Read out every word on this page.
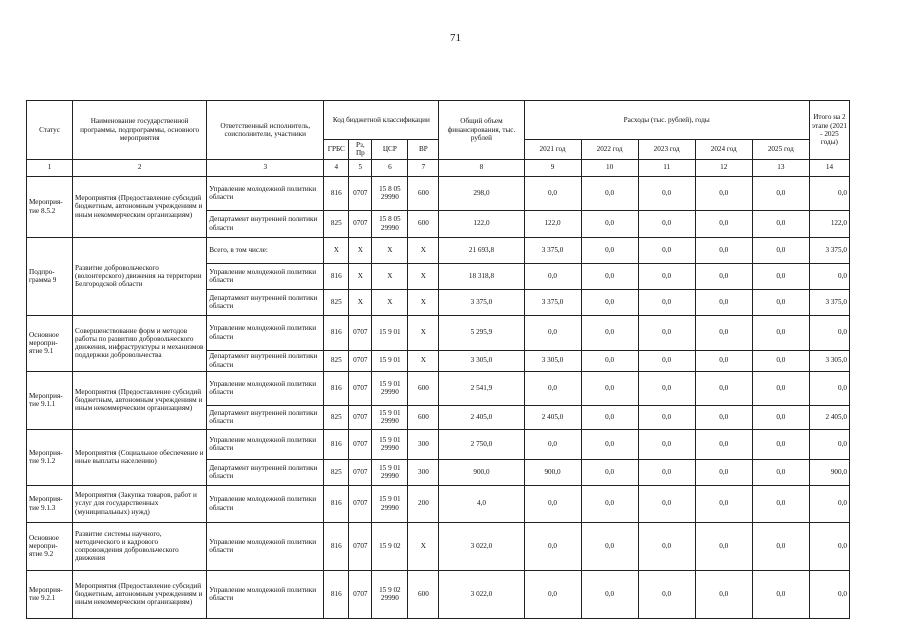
71
Статус	Наименование государственной программы, подпрограммы, основного мероприятия	Ответственный исполнитель, соисполнители, участники	Код бюджетной классификации				Общий объем финансирования, тыс. рублей	Расходы (тыс. рублей), годы					Итого на 2 этапе (2021 - 2025 годы)
			ГРБС	Рз, Пр	ЦСР	ВР		2021 год	2022 год	2023 год	2024 год	2025 год	
1	2	3	4	5	6	7	8	9	10	11	12	13	14
Мероприя-тие 8.5.2	Мероприятия (Предоставление субсидий бюджетным, автономным учреждениям и иным некоммерческим организациям)	Управление молодежной политики области	816	0707	15 8 05 29990	600	298,0	0,0	0,0	0,0	0,0	0,0	0,0
		Департамент внутренней политики области	825	0707	15 8 05 29990	600	122,0	122,0	0,0	0,0	0,0	0,0	122,0
Подпро-грамма 9	Развитие добровольческого (волонтерского) движения на территории Белгородской области	Всего, в том числе:	X	X	X	X	21 693,8	3 375,0	0,0	0,0	0,0	0,0	3 375,0
		Управление молодежной политики области	816	X	X	X	18 318,8	0,0	0,0	0,0	0,0	0,0	0,0
		Департамент внутренней политики области	825	X	X	X	3 375,0	3 375,0	0,0	0,0	0,0	0,0	3 375,0
Основное меропри-ятие 9.1	Совершенствование форм и методов работы по развитию добровольческого движения, инфраструктуры и механизмов поддержки добровольчества	Управление молодежной политики области	816	0707	15 9 01	X	5 295,9	0,0	0,0	0,0	0,0	0,0	0,0
		Департамент внутренней политики области	825	0707	15 9 01	X	3 305,0	3 305,0	0,0	0,0	0,0	0,0	3 305,0
Мероприя-тие 9.1.1	Мероприятия (Предоставление субсидий бюджетным, автономным учреждениям и иным некоммерческим организациям)	Управление молодежной политики области	816	0707	15 9 01 29990	600	2 541,9	0,0	0,0	0,0	0,0	0,0	0,0
		Департамент внутренней политики области	825	0707	15 9 01 29990	600	2 405,0	2 405,0	0,0	0,0	0,0	0,0	2 405,0
Мероприя-тие 9.1.2	Мероприятия (Социальное обеспечение и иные выплаты населению)	Управление молодежной политики области	816	0707	15 9 01 29990	300	2 750,0	0,0	0,0	0,0	0,0	0,0	0,0
		Департамент внутренней политики области	825	0707	15 9 01 29990	300	900,0	900,0	0,0	0,0	0,0	0,0	900,0
Мероприя-тие 9.1.3	Мероприятия (Закупка товаров, работ и услуг для государственных (муниципальных) нужд)	Управление молодежной политики области	816	0707	15 9 01 29990	200	4,0	0,0	0,0	0,0	0,0	0,0	0,0
Основное меропри-ятие 9.2	Развитие системы научного, методического и кадрового сопровождения добровольческого движения	Управление молодежной политики области	816	0707	15 9 02	X	3 022,0	0,0	0,0	0,0	0,0	0,0	0,0
Мероприя-тие 9.2.1	Мероприятия (Предоставление субсидий бюджетным, автономным учреждениям и иным некоммерческим организациям)	Управление молодежной политики области	816	0707	15 9 02 29990	600	3 022,0	0,0	0,0	0,0	0,0	0,0	0,0
